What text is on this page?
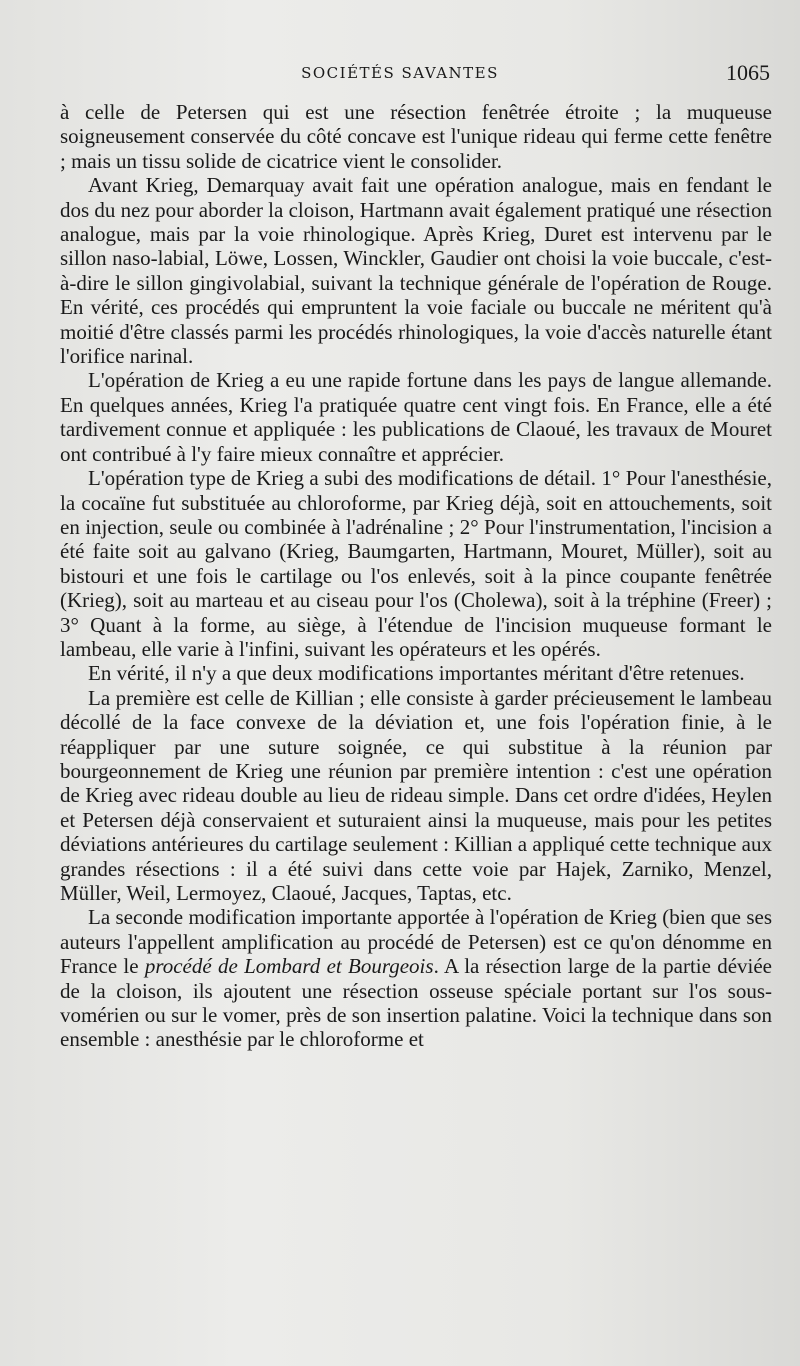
SOCIÉTÉS SAVANTES	1065

à celle de Petersen qui est une résection fenêtrée étroite ; la muqueuse soigneusement conservée du côté concave est l'unique rideau qui ferme cette fenêtre ; mais un tissu solide de cicatrice vient le consolider.

Avant Krieg, Demarquay avait fait une opération analogue, mais en fendant le dos du nez pour aborder la cloison, Hartmann avait également pratiqué une résection analogue, mais par la voie rhinologique. Après Krieg, Duret est intervenu par le sillon naso-labial, Löwe, Lossen, Winckler, Gaudier ont choisi la voie buccale, c'est-à-dire le sillon gingivolabial, suivant la technique générale de l'opération de Rouge. En vérité, ces procédés qui empruntent la voie faciale ou buccale ne méritent qu'à moitié d'être classés parmi les procédés rhinologiques, la voie d'accès naturelle étant l'orifice narinal.

L'opération de Krieg a eu une rapide fortune dans les pays de langue allemande. En quelques années, Krieg l'a pratiquée quatre cent vingt fois. En France, elle a été tardivement connue et appliquée : les publications de Claoué, les travaux de Mouret ont contribué à l'y faire mieux connaître et apprécier.

L'opération type de Krieg a subi des modifications de détail. 1° Pour l'anesthésie, la cocaïne fut substituée au chloroforme, par Krieg déjà, soit en attouchements, soit en injection, seule ou combinée à l'adrénaline ; 2° Pour l'instrumentation, l'incision a été faite soit au galvano (Krieg, Baumgarten, Hartmann, Mouret, Müller), soit au bistouri et une fois le cartilage ou l'os enlevés, soit à la pince coupante fenêtrée (Krieg), soit au marteau et au ciseau pour l'os (Cholewa), soit à la tréphine (Freer) ; 3° Quant à la forme, au siège, à l'étendue de l'incision muqueuse formant le lambeau, elle varie à l'infini, suivant les opérateurs et les opérés.

En vérité, il n'y a que deux modifications importantes méritant d'être retenues.

La première est celle de Killian ; elle consiste à garder précieusement le lambeau décollé de la face convexe de la déviation et, une fois l'opération finie, à le réappliquer par une suture soignée, ce qui substitue à la réunion par bourgeonnement de Krieg une réunion par première intention : c'est une opération de Krieg avec rideau double au lieu de rideau simple. Dans cet ordre d'idées, Heylen et Petersen déjà conservaient et suturaient ainsi la muqueuse, mais pour les petites déviations antérieures du cartilage seulement : Killian a appliqué cette technique aux grandes résections : il a été suivi dans cette voie par Hajek, Zarniko, Menzel, Müller, Weil, Lermoyez, Claoué, Jacques, Taptas, etc.

La seconde modification importante apportée à l'opération de Krieg (bien que ses auteurs l'appellent amplification au procédé de Petersen) est ce qu'on dénomme en France le procédé de Lombard et Bourgeois. A la résection large de la partie déviée de la cloison, ils ajoutent une résection osseuse spéciale portant sur l'os sous-vomérien ou sur le vomer, près de son insertion palatine. Voici la technique dans son ensemble : anesthésie par le chloroforme et
